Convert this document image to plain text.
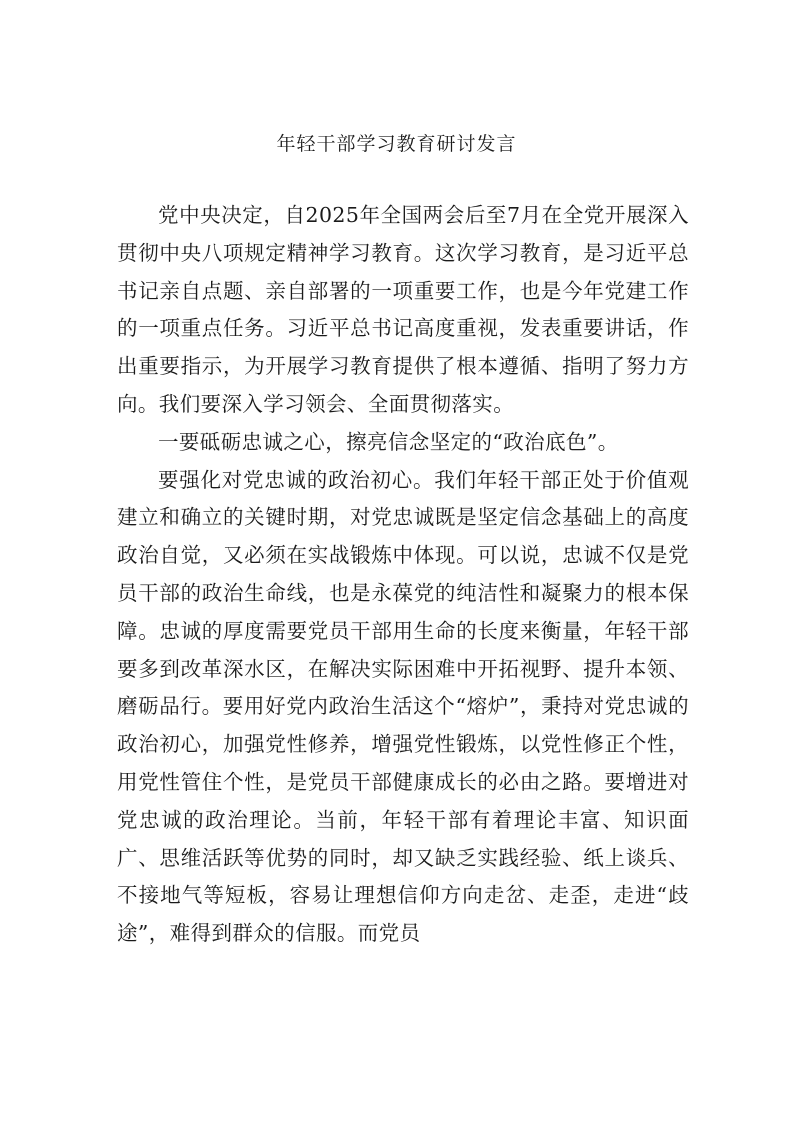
年轻干部学习教育研讨发言

党中央决定，自2025年全国两会后至7月在全党开展深入贯彻中央八项规定精神学习教育。这次学习教育，是习近平总书记亲自点题、亲自部署的一项重要工作，也是今年党建工作的一项重点任务。习近平总书记高度重视，发表重要讲话，作出重要指示，为开展学习教育提供了根本遵循、指明了努力方向。我们要深入学习领会、全面贯彻落实。

一要砥砺忠诚之心，擦亮信念坚定的“政治底色”。

要强化对党忠诚的政治初心。我们年轻干部正处于价值观建立和确立的关键时期，对党忠诚既是坚定信念基础上的高度政治自觉，又必须在实战锻炼中体现。可以说，忠诚不仅是党员干部的政治生命线，也是永葆党的纯洁性和凝聚力的根本保障。忠诚的厚度需要党员干部用生命的长度来衡量，年轻干部要多到改革深水区，在解决实际困难中开拓视野、提升本领、磨砺品行。要用好党内政治生活这个“熔炉”，秉持对党忠诚的政治初心，加强党性修养，增强党性锻炼，以党性修正个性，用党性管住个性，是党员干部健康成长的必由之路。要增进对党忠诚的政治理论。当前，年轻干部有着理论丰富、知识面广、思维活跃等优势的同时，却又缺乏实践经验、纸上谈兵、不接地气等短板，容易让理想信仰方向走岔、走歪，走进“歧途”，难得到群众的信服。而党员
